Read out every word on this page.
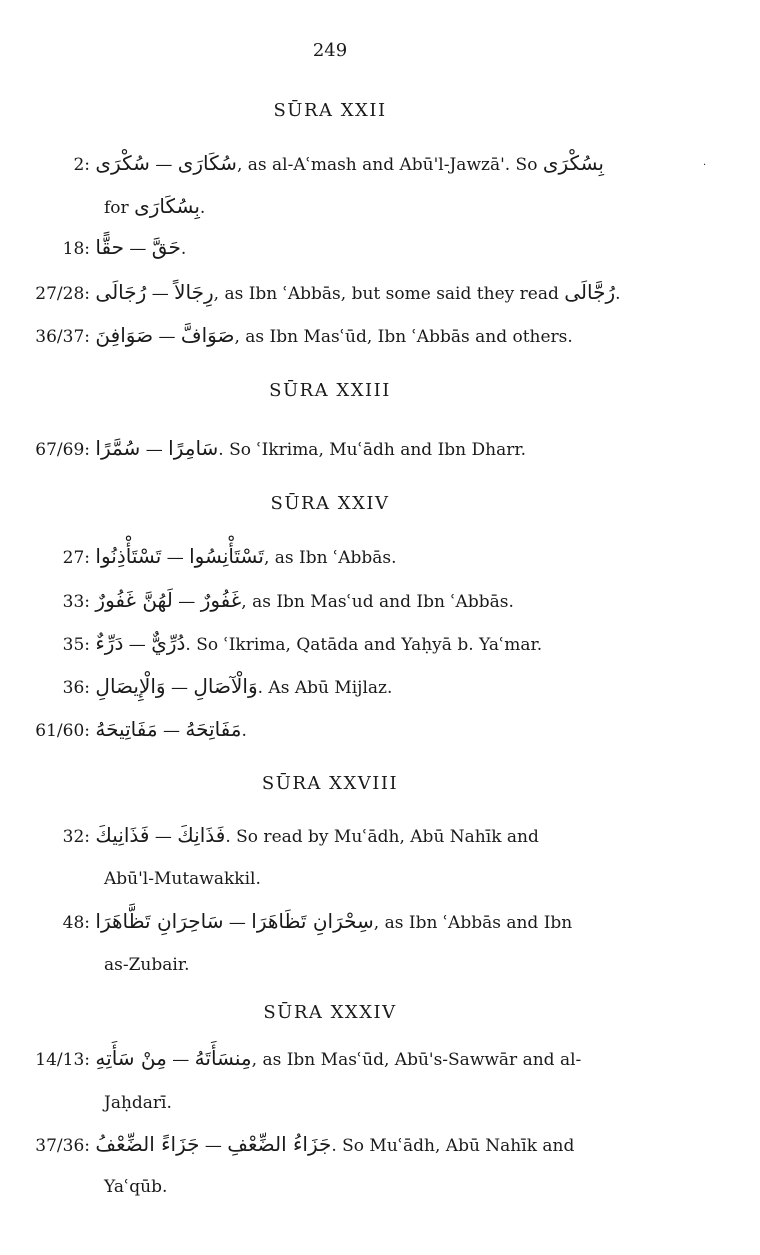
249
·
SŪRA XXII
2:	سُكَارَى — سُكْرَى	, as al-Aʿmash and Abū'l-Jawzā'. So بِسُكْرَى
for بِسُكَارَى.
18:	حَقَّ — حقًّا	.
27/28:	رِجَالاً — رُجَالَى	, as Ibn ʿAbbās, but some said they read رُجَّالَى.
36/37:	صَوَافَّ — صَوَافِنَ	, as Ibn Masʿūd, Ibn ʿAbbās and others.
SŪRA XXIII
67/69:	سَامِرًا — سُمَّرًا	. So ʿIkrima, Muʿādh and Ibn Dharr.
SŪRA XXIV
27:	تَسْتَأْنِسُوا — تَسْتَأْذِنُوا	, as Ibn ʿAbbās.
33:	غَفُورٌ — لَهُنَّ غَفُورٌ	, as Ibn Masʿud and Ibn ʿAbbās.
35:	دُرِّيٌّ — دَرِّءٌ	. So ʿIkrima, Qatāda and Yaḥyā b. Yaʿmar.
36:	وَالْآصَالِ — وَالْإِيصَالِ	. As Abū Mijlaz.
61/60:	مَفَاتِحَهُ — مَفَاتِيحَهُ	.
SŪRA XXVIII
32:	فَذَانِكَ — فَذَانِيكَ	. So read by Muʿādh, Abū Nahīk and
Abū'l-Mutawakkil.
48:	سِحْرَانِ تَظَاهَرَا — سَاحِرَانِ تَظَّاهَرَا	, as Ibn ʿAbbās and Ibn
as-Zubair.
SŪRA XXXIV
14/13:	مِنسَأَتَهُ — مِنْ سَأَتِهِ	, as Ibn Masʿūd, Abū's-Sawwār and al-
Jaḥdarī.
37/36:	جَزَاءُ الضِّعْفِ — جَزَاءً الضِّعْفُ	. So Muʿādh, Abū Nahīk and
Yaʿqūb.
